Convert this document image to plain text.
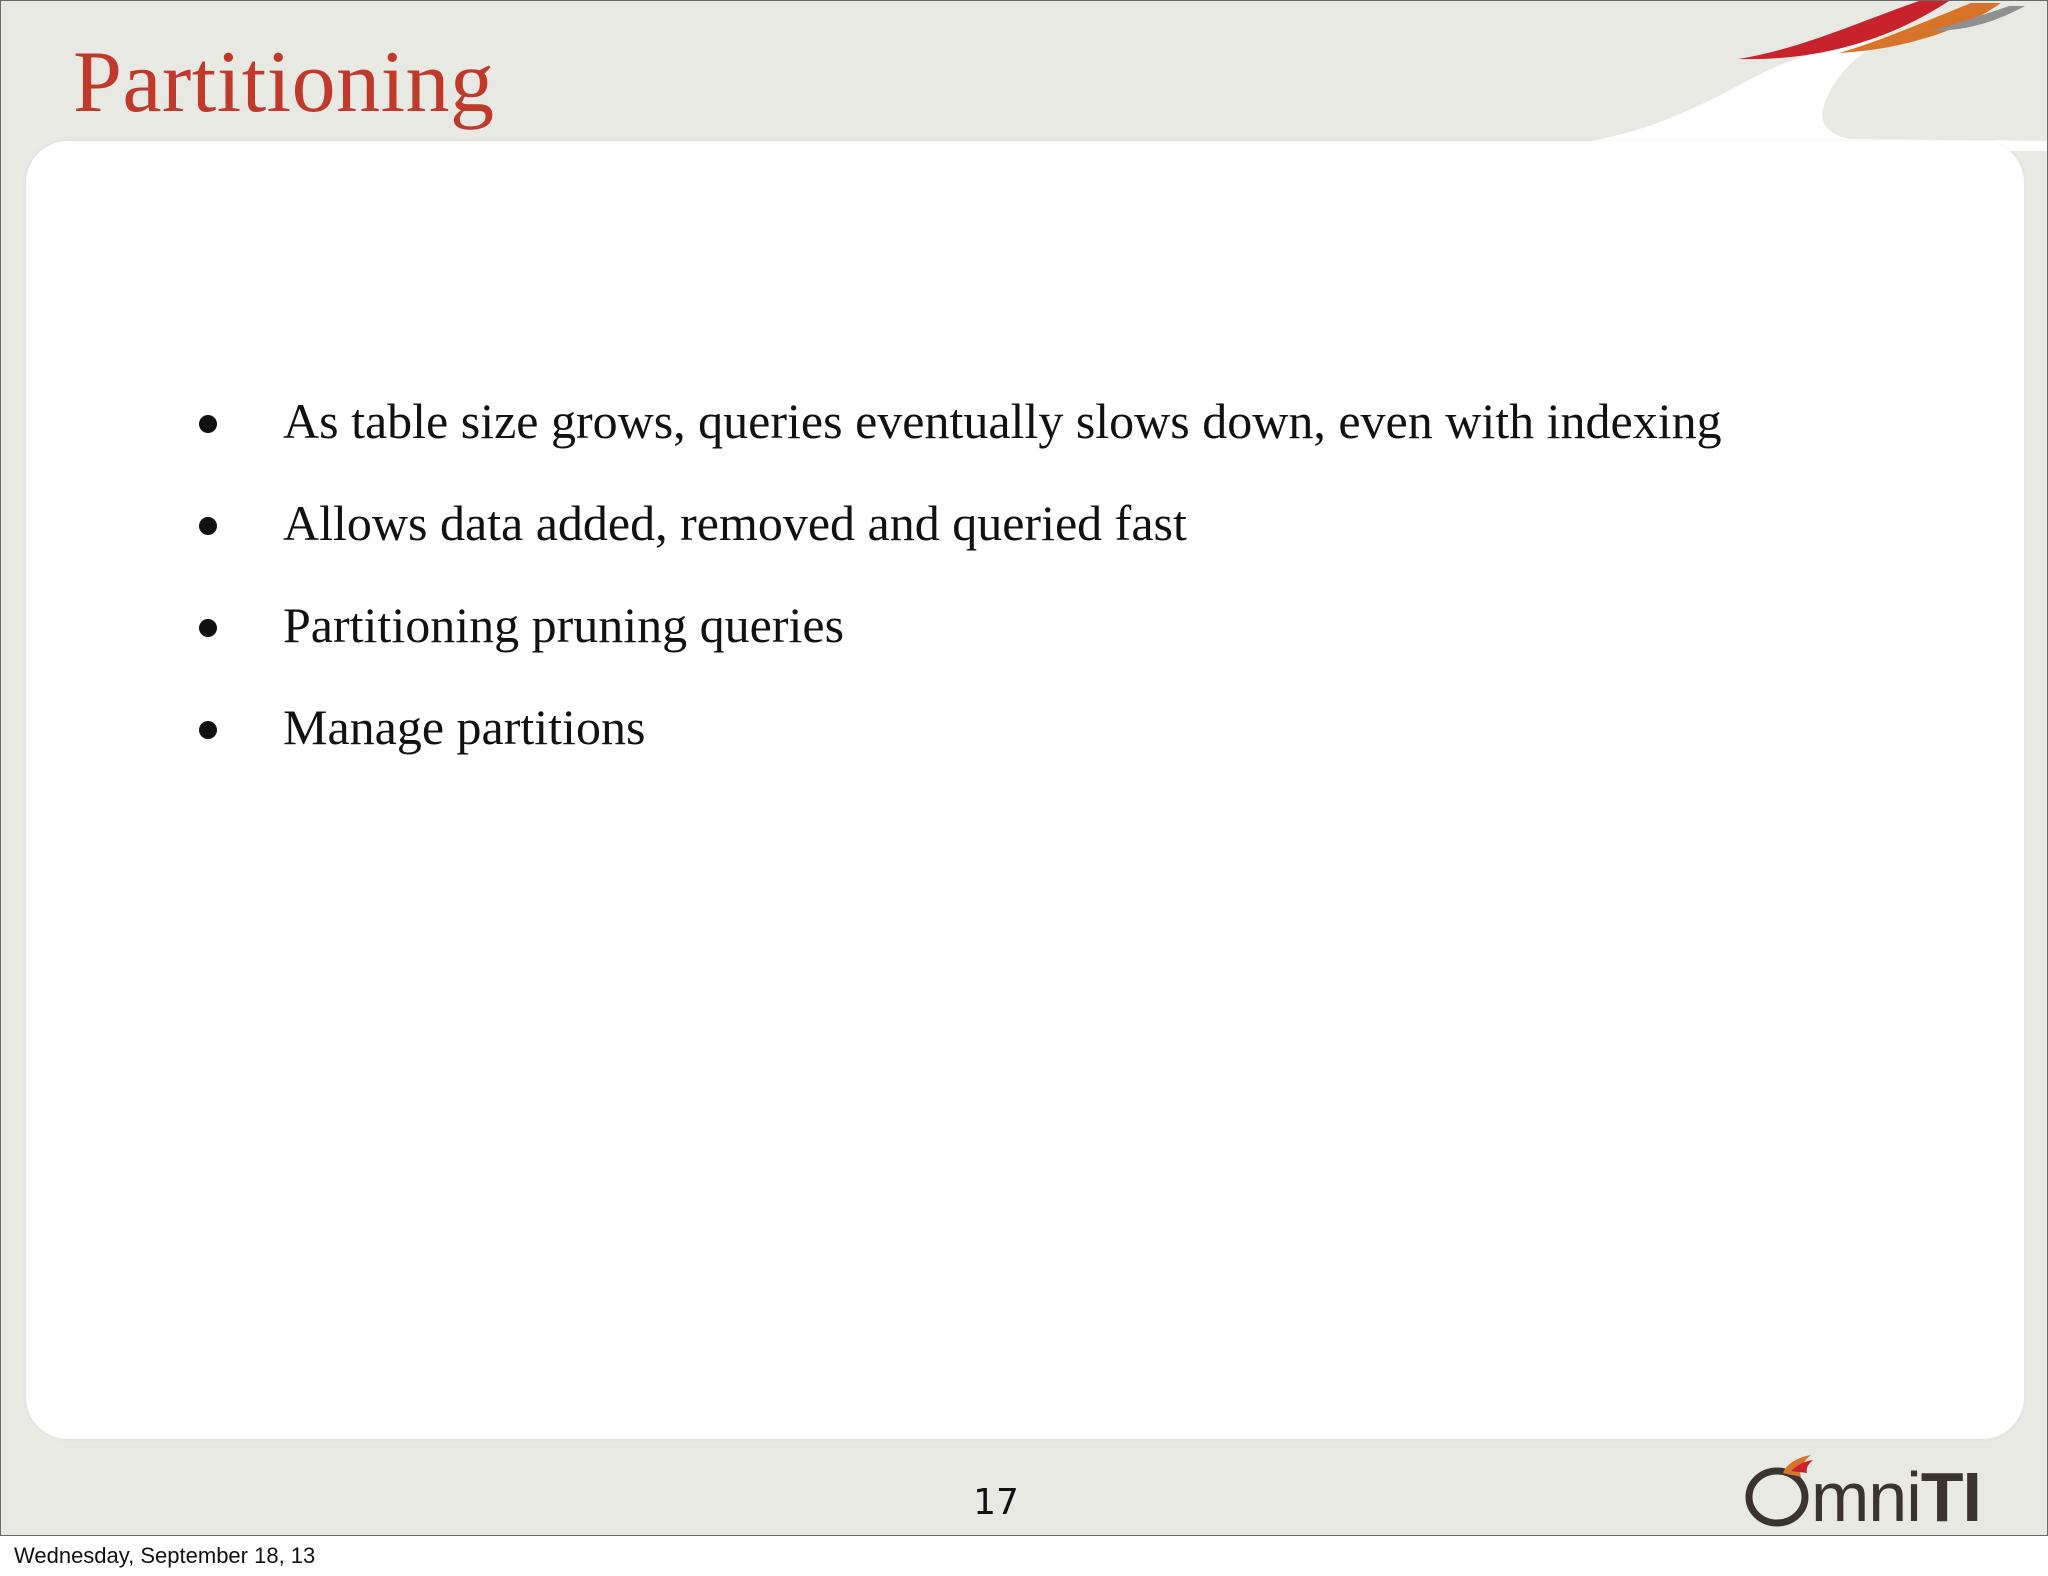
Partitioning
As table size grows, queries eventually slows down, even with indexing
Allows data added, removed and queried fast
Partitioning pruning queries
Manage partitions
17	mniTI
Wednesday, September 18, 13
